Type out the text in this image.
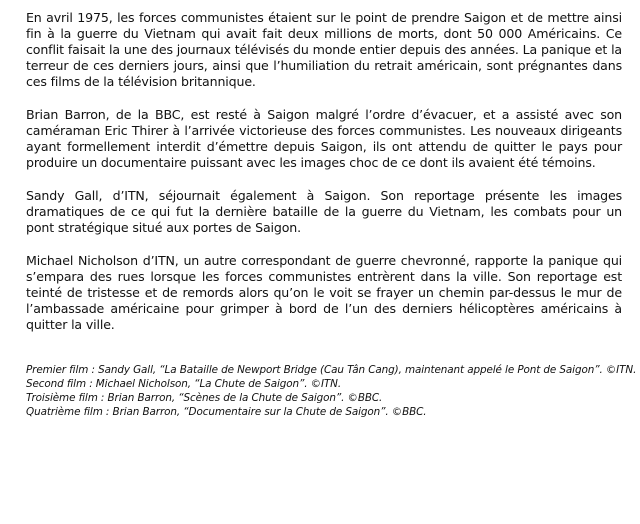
En avril 1975, les forces communistes étaient sur le point de prendre Saigon et de mettre ainsi fin à la guerre du Vietnam qui avait fait deux millions de morts, dont 50 000 Américains. Ce conflit faisait la une des journaux télévisés du monde entier depuis des années. La panique et la terreur de ces derniers jours, ainsi que l’humiliation du retrait américain, sont prégnantes dans ces films de la télévision britannique.

Brian Barron, de la BBC, est resté à Saigon malgré l’ordre d’évacuer, et a assisté avec son caméraman Eric Thirer à l’arrivée victorieuse des forces communistes. Les nouveaux dirigeants ayant formellement interdit d’émettre depuis Saigon, ils ont attendu de quitter le pays pour produire un documentaire puissant avec les images choc de ce dont ils avaient été témoins.

Sandy Gall, d’ITN, séjournait également à Saigon. Son reportage présente les images dramatiques de ce qui fut la dernière bataille de la guerre du Vietnam, les combats pour un pont stratégique situé aux portes de Saigon.

Michael Nicholson d’ITN, un autre correspondant de guerre chevronné, rapporte la panique qui s’empara des rues lorsque les forces communistes entrèrent dans la ville. Son reportage est teinté de tristesse et de remords alors qu’on le voit se frayer un chemin par-dessus le mur de l’ambassade américaine pour grimper à bord de l’un des derniers hélicoptères américains à quitter la ville.

Premier film : Sandy Gall, “La Bataille de Newport Bridge (Cau Tân Cang), maintenant appelé le Pont de Saigon”. ©ITN.

Second film : Michael Nicholson, “La Chute de Saigon”. ©ITN.

Troisième film : Brian Barron, “Scènes de la Chute de Saigon”. ©BBC.

Quatrième film : Brian Barron, “Documentaire sur la Chute de Saigon”. ©BBC.
